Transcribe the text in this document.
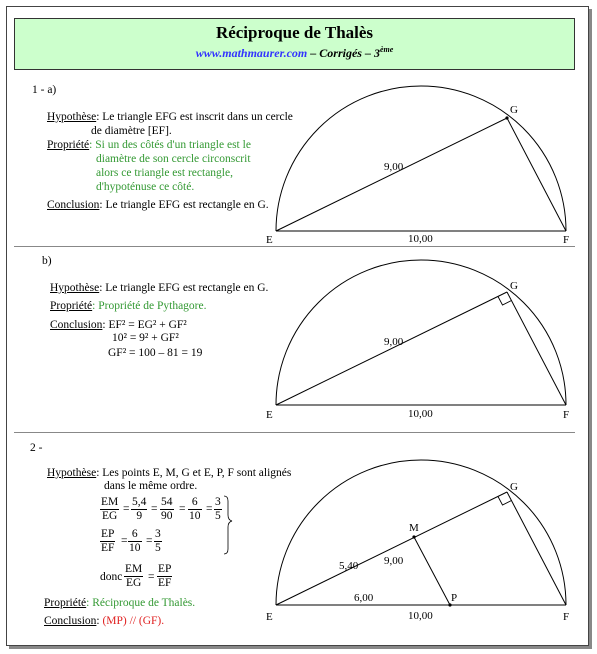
Réciproque de Thalès
www.mathmaurer.com – Corrigés – 3ème
1 - a)
Hypothèse: Le triangle EFG est inscrit dans un cercle
de diamètre [EF].
Propriété: Si un des côtés d'un triangle est le
diamètre de son cercle circonscrit
alors ce triangle est rectangle,
d'hypoténuse ce côté.
Conclusion: Le triangle EFG est rectangle en G.
b)
Hypothèse: Le triangle EFG est rectangle en G.
Propriété: Propriété de Pythagore.
Conclusion: EF² = EG² + GF²
10² = 9² + GF²
GF² = 100 – 81 = 19
2 -
Hypothèse: Les points E, M, G et E, P, F sont alignés
dans le même ordre.
$\frac{EM}{EG} = \frac{5,4}{9} = \frac{54}{90} = \frac{6}{10} = \frac{3}{5}$
$\frac{EP}{EF} = \frac{6}{10} = \frac{3}{5}$
donc $\frac{EM}{EG} = \frac{EP}{EF}$
Propriété: Réciproque de Thalès.
Conclusion: (MP) // (GF).
E	F
G
9,00
10,00
E	F
G
9,00
10,00
E	F
G
M
P
5,40 9,00
6,00
10,00
